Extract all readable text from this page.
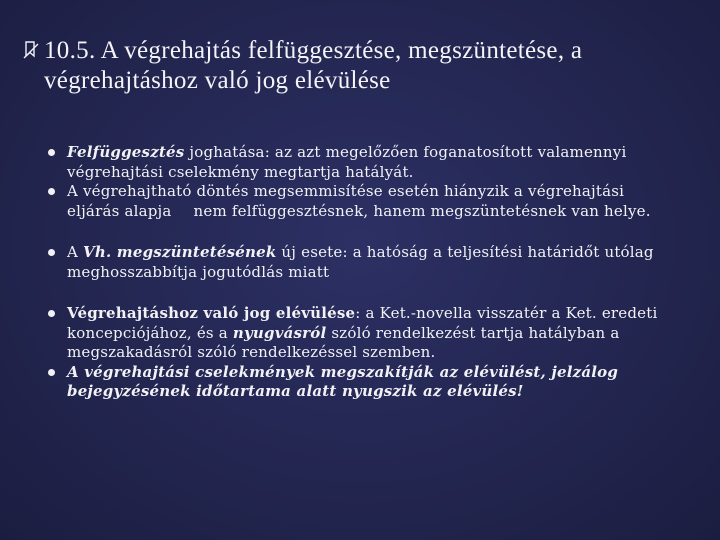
10.5. A végrehajtás felfüggesztése, megszüntetése, a végrehajtáshoz való jog elévülése
Felfüggesztés joghatása: az azt megelőzően foganatosított valamennyi végrehajtási cselekmény megtartja hatályát.
A végrehajtható döntés megsemmisítése esetén hiányzik a végrehajtási eljárás alapja nem felfüggesztésnek, hanem megszüntetésnek van helye.
A Vh. megszüntetésének új esete: a hatóság a teljesítési határidőt utólag meghosszabbítja jogutódlás miatt
Végrehajtáshoz való jog elévülése: a Ket.-novella visszatér a Ket. eredeti koncepciójához, és a nyugvásról szóló rendelkezést tartja hatályban a megszakadásról szóló rendelkezéssel szemben.
A végrehajtási cselekmények megszakítják az elévülést, jelzálog bejegyzésének időtartama alatt nyugszik az elévülés!
